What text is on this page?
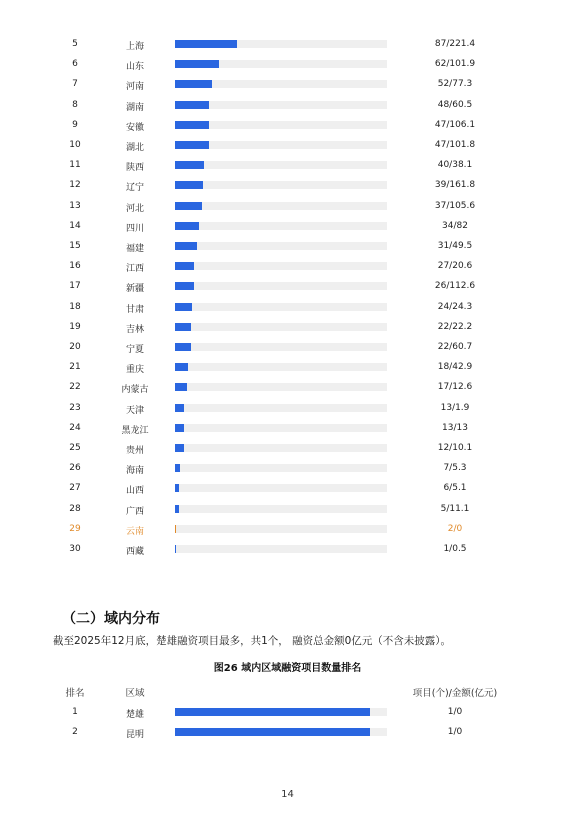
5	上海	87/221.4
6	山东	62/101.9
7	河南	52/77.3
8	湖南	48/60.5
9	安徽	47/106.1
10	湖北	47/101.8
11	陕西	40/38.1
12	辽宁	39/161.8
13	河北	37/105.6
14	四川	34/82
15	福建	31/49.5
16	江西	27/20.6
17	新疆	26/112.6
18	甘肃	24/24.3
19	吉林	22/22.2
20	宁夏	22/60.7
21	重庆	18/42.9
22	内蒙古	17/12.6
23	天津	13/1.9
24	黑龙江	13/13
25	贵州	12/10.1
26	海南	7/5.3
27	山西	6/5.1
28	广西	5/11.1
29	云南	2/0
30	西藏	1/0.5
（二）域内分布
截至2025年12月底，楚雄融资项目最多，共1个， 融资总金额0亿元（不含未披露）。
图26 域内区域融资项目数量排名
排名	区域	项目(个)/金额(亿元)
1	楚雄	1/0
2	昆明	1/0
14
